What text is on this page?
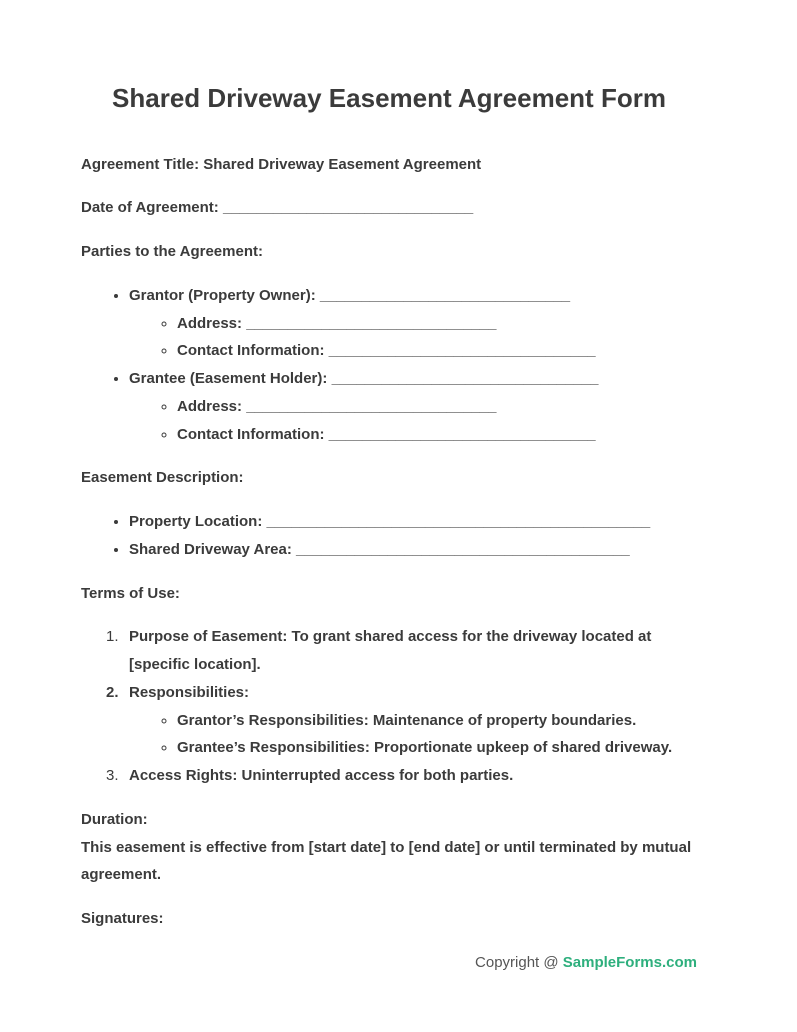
Shared Driveway Easement Agreement Form

Agreement Title: Shared Driveway Easement Agreement

Date of Agreement: ______________________________

Parties to the Agreement:

• Grantor (Property Owner): ______________________________
◦ Address: ______________________________
◦ Contact Information: ________________________________
• Grantee (Easement Holder): ________________________________
◦ Address: ______________________________
◦ Contact Information: ________________________________

Easement Description:

• Property Location: ______________________________________________
• Shared Driveway Area: ________________________________________

Terms of Use:

1. Purpose of Easement: To grant shared access for the driveway located at [specific location].
2. Responsibilities:
◦ Grantor’s Responsibilities: Maintenance of property boundaries.
◦ Grantee’s Responsibilities: Proportionate upkeep of shared driveway.
3. Access Rights: Uninterrupted access for both parties.

Duration:

This easement is effective from [start date] to [end date] or until terminated by mutual agreement.

Signatures:

Copyright @ SampleForms.com
